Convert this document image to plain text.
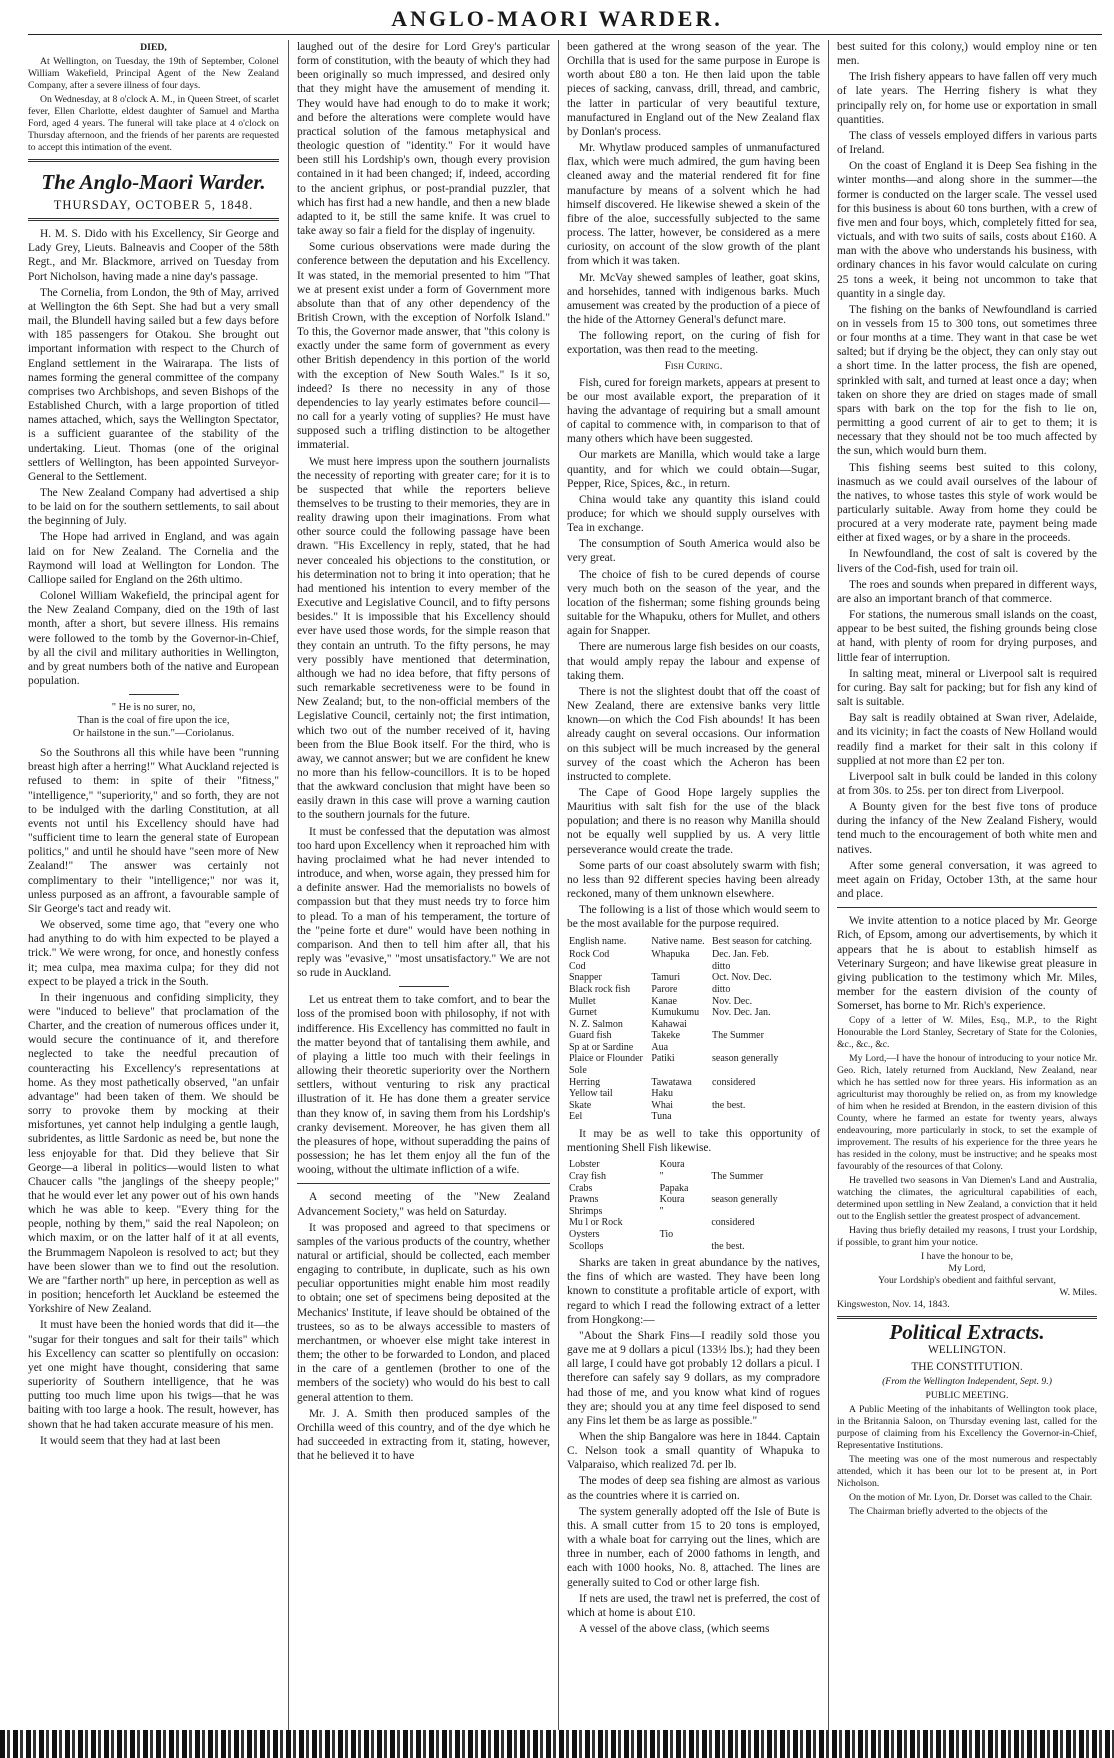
ANGLO-MAORI WARDER.
DIED,

At Wellington, on Tuesday, the 19th of September, Colonel William Wakefield, Principal Agent of the New Zealand Company, after a severe illness of four days.

On Wednesday, at 8 o'clock A. M., in Queen Street, of scarlet fever, Ellen Charlotte, eldest daughter of Samuel and Martha Ford, aged 4 years. The funeral will take place at 4 o'clock on Thursday afternoon, and the friends of her parents are requested to accept this intimation of the event.

The Anglo-Maori Warder.
THURSDAY, OCTOBER 5, 1848.

H. M. S. Dido with his Excellency, Sir George and Lady Grey, Lieuts. Balneavis and Cooper of the 58th Regt., and Mr. Blackmore, arrived on Tuesday from Port Nicholson, having made a nine day's passage.

The Cornelia, from London, the 9th of May, arrived at Wellington the 6th Sept. She had but a very small mail, the Blundell having sailed but a few days before with 185 passengers for Otakou. She brought out important information with respect to the Church of England settlement in the Wairarapa. The lists of names forming the general committee of the company comprises two Archbishops, and seven Bishops of the Established Church, with a large proportion of titled names attached, which, says the Wellington Spectator, is a sufficient guarantee of the stability of the undertaking. Lieut. Thomas (one of the original settlers of Wellington, has been appointed Surveyor-General to the Settlement.

The New Zealand Company had advertised a ship to be laid on for the southern settlements, to sail about the beginning of July.

The Hope had arrived in England, and was again laid on for New Zealand. The Cornelia and the Raymond will load at Wellington for London. The Calliope sailed for England on the 26th ultimo.

Colonel William Wakefield, the principal agent for the New Zealand Company, died on the 19th of last month, after a short, but severe illness. His remains were followed to the tomb by the Governor-in-Chief, by all the civil and military authorities in Wellington, and by great numbers both of the native and European population.

" He is no surer, no,
Than is the coal of fire upon the ice,
Or hailstone in the sun."—Coriolanus.

So the Southrons all this while have been "running breast high after a herring!" What Auckland rejected is refused to them: in spite of their "fitness," "intelligence," "superiority," and so forth, they are not to be indulged with the darling Constitution, at all events not until his Excellency should have had "sufficient time to learn the general state of European politics," and until he should have "seen more of New Zealand!" The answer was certainly not complimentary to their "intelligence;" nor was it, unless purposed as an affront, a favourable sample of Sir George's tact and ready wit.

We observed, some time ago, that "every one who had anything to do with him expected to be played a trick." We were wrong, for once, and honestly confess it; mea culpa, mea maxima culpa; for they did not expect to be played a trick in the South.

In their ingenuous and confiding simplicity, they were "induced to believe" that proclamation of the Charter, and the creation of numerous offices under it, would secure the continuance of it, and therefore neglected to take the needful precaution of counteracting his Excellency's representations at home. As they most pathetically observed, "an unfair advantage" had been taken of them. We should be sorry to provoke them by mocking at their misfortunes, yet cannot help indulging a gentle laugh, subridentes, as little Sardonic as need be, but none the less enjoyable for that. Did they believe that Sir George—a liberal in politics—would listen to what Chaucer calls "the janglings of the sheepy people;" that he would ever let any power out of his own hands which he was able to keep. "Every thing for the people, nothing by them," said the real Napoleon; on which maxim, or on the latter half of it at all events, the Brummagem Napoleon is resolved to act; but they have been slower than we to find out the resolution. We are "farther north" up here, in perception as well as in position; henceforth let Auckland be esteemed the Yorkshire of New Zealand.

It must have been the honied words that did it—the "sugar for their tongues and salt for their tails" which his Excellency can scatter so plentifully on occasion: yet one might have thought, considering that same superiority of Southern intelligence, that he was putting too much lime upon his twigs—that he was baiting with too large a hook. The result, however, has shown that he had taken accurate measure of his men.

It would seem that they had at last been

laughed out of the desire for Lord Grey's particular form of constitution, with the beauty of which they had been originally so much impressed, and desired only that they might have the amusement of mending it. They would have had enough to do to make it work; and before the alterations were complete would have practical solution of the famous metaphysical and theologic question of "identity." For it would have been still his Lordship's own, though every provision contained in it had been changed; if, indeed, according to the ancient griphus, or post-prandial puzzler, that which has first had a new handle, and then a new blade adapted to it, be still the same knife. It was cruel to take away so fair a field for the display of ingenuity.

Some curious observations were made during the conference between the deputation and his Excellency. It was stated, in the memorial presented to him "That we at present exist under a form of Government more absolute than that of any other dependency of the British Crown, with the exception of Norfolk Island." To this, the Governor made answer, that "this colony is exactly under the same form of government as every other British dependency in this portion of the world with the exception of New South Wales." Is it so, indeed? Is there no necessity in any of those dependencies to lay yearly estimates before council—no call for a yearly voting of supplies? He must have supposed such a trifling distinction to be altogether immaterial.

We must here impress upon the southern journalists the necessity of reporting with greater care; for it is to be suspected that while the reporters believe themselves to be trusting to their memories, they are in reality drawing upon their imaginations. From what other source could the following passage have been drawn. "His Excellency in reply, stated, that he had never concealed his objections to the constitution, or his determination not to bring it into operation; that he had mentioned his intention to every member of the Executive and Legislative Council, and to fifty persons besides." It is impossible that his Excellency should ever have used those words, for the simple reason that they contain an untruth. To the fifty persons, he may very possibly have mentioned that determination, although we had no idea before, that fifty persons of such remarkable secretiveness were to be found in New Zealand; but, to the non-official members of the Legislative Council, certainly not; the first intimation, which two out of the number received of it, having been from the Blue Book itself. For the third, who is away, we cannot answer; but we are confident he knew no more than his fellow-councillors. It is to be hoped that the awkward conclusion that might have been so easily drawn in this case will prove a warning caution to the southern journals for the future.

It must be confessed that the deputation was almost too hard upon Excellency when it reproached him with having proclaimed what he had never intended to introduce, and when, worse again, they pressed him for a definite answer. Had the memorialists no bowels of compassion but that they must needs try to force him to plead. To a man of his temperament, the torture of the "peine forte et dure" would have been nothing in comparison. And then to tell him after all, that his reply was "evasive," "most unsatisfactory." We are not so rude in Auckland.

Let us entreat them to take comfort, and to bear the loss of the promised boon with philosophy, if not with indifference. His Excellency has committed no fault in the matter beyond that of tantalising them awhile, and of playing a little too much with their feelings in allowing their theoretic superiority over the Northern settlers, without venturing to risk any practical illustration of it. He has done them a greater service than they know of, in saving them from his Lordship's cranky devisement. Moreover, he has given them all the pleasures of hope, without superadding the pains of possession; he has let them enjoy all the fun of the wooing, without the ultimate infliction of a wife.

A second meeting of the "New Zealand Advancement Society," was held on Saturday.

It was proposed and agreed to that specimens or samples of the various products of the country, whether natural or artificial, should be collected, each member engaging to contribute, in duplicate, such as his own peculiar opportunities might enable him most readily to obtain; one set of specimens being deposited at the Mechanics' Institute, if leave should be obtained of the trustees, so as to be always accessible to masters of merchantmen, or whoever else might take interest in them; the other to be forwarded to London, and placed in the care of a gentlemen (brother to one of the members of the society) who would do his best to call general attention to them.

Mr. J. A. Smith then produced samples of the Orchilla weed of this country, and of the dye which he had succeeded in extracting from it, stating, however, that he believed it to have

been gathered at the wrong season of the year. The Orchilla that is used for the same purpose in Europe is worth about £80 a ton. He then laid upon the table pieces of sacking, canvass, drill, thread, and cambric, the latter in particular of very beautiful texture, manufactured in England out of the New Zealand flax by Donlan's process.

Mr. Whytlaw produced samples of unmanufactured flax, which were much admired, the gum having been cleaned away and the material rendered fit for fine manufacture by means of a solvent which he had himself discovered. He likewise shewed a skein of the fibre of the aloe, successfully subjected to the same process. The latter, however, be considered as a mere curiosity, on account of the slow growth of the plant from which it was taken.

Mr. McVay shewed samples of leather, goat skins, and horsehides, tanned with indigenous barks. Much amusement was created by the production of a piece of the hide of the Attorney General's defunct mare.

The following report, on the curing of fish for exportation, was then read to the meeting.

Fish Curing.

Fish, cured for foreign markets, appears at present to be our most available export, the preparation of it having the advantage of requiring but a small amount of capital to commence with, in comparison to that of many others which have been suggested.

Our markets are Manilla, which would take a large quantity, and for which we could obtain—Sugar, Pepper, Rice, Spices, &c., in return.

China would take any quantity this island could produce; for which we should supply ourselves with Tea in exchange.

The consumption of South America would also be very great.

The choice of fish to be cured depends of course very much both on the season of the year, and the location of the fisherman; some fishing grounds being suitable for the Whapuku, others for Mullet, and others again for Snapper.

There are numerous large fish besides on our coasts, that would amply repay the labour and expense of taking them.

There is not the slightest doubt that off the coast of New Zealand, there are extensive banks very little known—on which the Cod Fish abounds! It has been already caught on several occasions. Our information on this subject will be much increased by the general survey of the coast which the Acheron has been instructed to complete.

The Cape of Good Hope largely supplies the Mauritius with salt fish for the use of the black population; and there is no reason why Manilla should not be equally well supplied by us. A very little perseverance would create the trade.

Some parts of our coast absolutely swarm with fish; no less than 92 different species having been already reckoned, many of them unknown elsewhere.

The following is a list of those which would seem to be the most available for the purpose required.

English name.	Native name.	Best season for catching.
Rock Cod	Whapuka	Dec. Jan. Feb.
Cod		ditto
Snapper	Tamuri	Oct. Nov. Dec.
Black rock fish	Parore	ditto
Mullet	Kanae	Nov. Dec.
Gurnet	Kumukumu	Nov. Dec. Jan.
N. Z. Salmon	Kahawai	
Guard fish	Takeke	The Summer
Sp at or Sardine	Aua	
Plaice or Flounder	Patiki	season generally
Sole		
Herring	Tawatawa	considered
Yellow tail	Haku	
Skate	Whai	the best.
Eel	Tuna	

It may be as well to take this opportunity of mentioning Shell Fish likewise.

Lobster	Koura	
Cray fish	"	The Summer
Crabs	Papaka	
Prawns	Koura	season generally
Shrimps	"	
Mu l or Rock		considered
Oysters	Tio	
Scollops		the best.

Sharks are taken in great abundance by the natives, the fins of which are wasted. They have been long known to constitute a profitable article of export, with regard to which I read the following extract of a letter from Hongkong:—

"About the Shark Fins—I readily sold those you gave me at 9 dollars a picul (133½ lbs.); had they been all large, I could have got probably 12 dollars a picul. I therefore can safely say 9 dollars, as my compradore had those of me, and you know what kind of rogues they are; should you at any time feel disposed to send any Fins let them be as large as possible."

When the ship Bangalore was here in 1844. Captain C. Nelson took a small quantity of Whapuka to Valparaiso, which realized 7d. per lb.

The modes of deep sea fishing are almost as various as the countries where it is carried on.

The system generally adopted off the Isle of Bute is this. A small cutter from 15 to 20 tons is employed, with a whale boat for carrying out the lines, which are three in number, each of 2000 fathoms in length, and each with 1000 hooks, No. 8, attached. The lines are generally suited to Cod or other large fish.

If nets are used, the trawl net is preferred, the cost of which at home is about £10.

A vessel of the above class, (which seems

best suited for this colony,) would employ nine or ten men.

The Irish fishery appears to have fallen off very much of late years. The Herring fishery is what they principally rely on, for home use or exportation in small quantities.

The class of vessels employed differs in various parts of Ireland.

On the coast of England it is Deep Sea fishing in the winter months—and along shore in the summer—the former is conducted on the larger scale. The vessel used for this business is about 60 tons burthen, with a crew of five men and four boys, which, completely fitted for sea, victuals, and with two suits of sails, costs about £160. A man with the above who understands his business, with ordinary chances in his favor would calculate on curing 25 tons a week, it being not uncommon to take that quantity in a single day.

The fishing on the banks of Newfoundland is carried on in vessels from 15 to 300 tons, out sometimes three or four months at a time. They want in that case be wet salted; but if drying be the object, they can only stay out a short time. In the latter process, the fish are opened, sprinkled with salt, and turned at least once a day; when taken on shore they are dried on stages made of small spars with bark on the top for the fish to lie on, permitting a good current of air to get to them; it is necessary that they should not be too much affected by the sun, which would burn them.

This fishing seems best suited to this colony, inasmuch as we could avail ourselves of the labour of the natives, to whose tastes this style of work would be particularly suitable. Away from home they could be procured at a very moderate rate, payment being made either at fixed wages, or by a share in the proceeds.

In Newfoundland, the cost of salt is covered by the livers of the Cod-fish, used for train oil.

The roes and sounds when prepared in different ways, are also an important branch of that commerce.

For stations, the numerous small islands on the coast, appear to be best suited, the fishing grounds being close at hand, with plenty of room for drying purposes, and little fear of interruption.

In salting meat, mineral or Liverpool salt is required for curing. Bay salt for packing; but for fish any kind of salt is suitable.

Bay salt is readily obtained at Swan river, Adelaide, and its vicinity; in fact the coasts of New Holland would readily find a market for their salt in this colony if supplied at not more than £2 per ton.

Liverpool salt in bulk could be landed in this colony at from 30s. to 25s. per ton direct from Liverpool.

A Bounty given for the best five tons of produce during the infancy of the New Zealand Fishery, would tend much to the encouragement of both white men and natives.

After some general conversation, it was agreed to meet again on Friday, October 13th, at the same hour and place.

We invite attention to a notice placed by Mr. George Rich, of Epsom, among our advertisements, by which it appears that he is about to establish himself as Veterinary Surgeon; and have likewise great pleasure in giving publication to the testimony which Mr. Miles, member for the eastern division of the county of Somerset, has borne to Mr. Rich's experience.

Copy of a letter of W. Miles, Esq., M.P., to the Right Honourable the Lord Stanley, Secretary of State for the Colonies, &c., &c., &c.

My Lord,—I have the honour of introducing to your notice Mr. Geo. Rich, lately returned from Auckland, New Zealand, near which he has settled now for three years. His information as an agriculturist may thoroughly be relied on, as from my knowledge of him when he resided at Brendon, in the eastern division of this County, where he farmed an estate for twenty years, always endeavouring, more particularly in stock, to set the example of improvement. The results of his experience for the three years he has resided in the colony, must be instructive; and he speaks most favourably of the resources of that Colony.

He travelled two seasons in Van Diemen's Land and Australia, watching the climates, the agricultural capabilities of each, determined upon settling in New Zealand, a conviction that it held out to the English settler the greatest prospect of advancement.

Having thus briefly detailed my reasons, I trust your Lordship, if possible, to grant him your notice.

I have the honour to be,
My Lord,
Your Lordship's obedient and faithful servant,
W. Miles.
Kingsweston, Nov. 14, 1843.
Political Extracts.
WELLINGTON.
THE CONSTITUTION.
(From the Wellington Independent, Sept. 9.)
PUBLIC MEETING.

A Public Meeting of the inhabitants of Wellington took place, in the Britannia Saloon, on Thursday evening last, called for the purpose of claiming from his Excellency the Governor-in-Chief, Representative Institutions.

The meeting was one of the most numerous and respectably attended, which it has been our lot to be present at, in Port Nicholson.

On the motion of Mr. Lyon, Dr. Dorset was called to the Chair.

The Chairman briefly adverted to the objects of the
